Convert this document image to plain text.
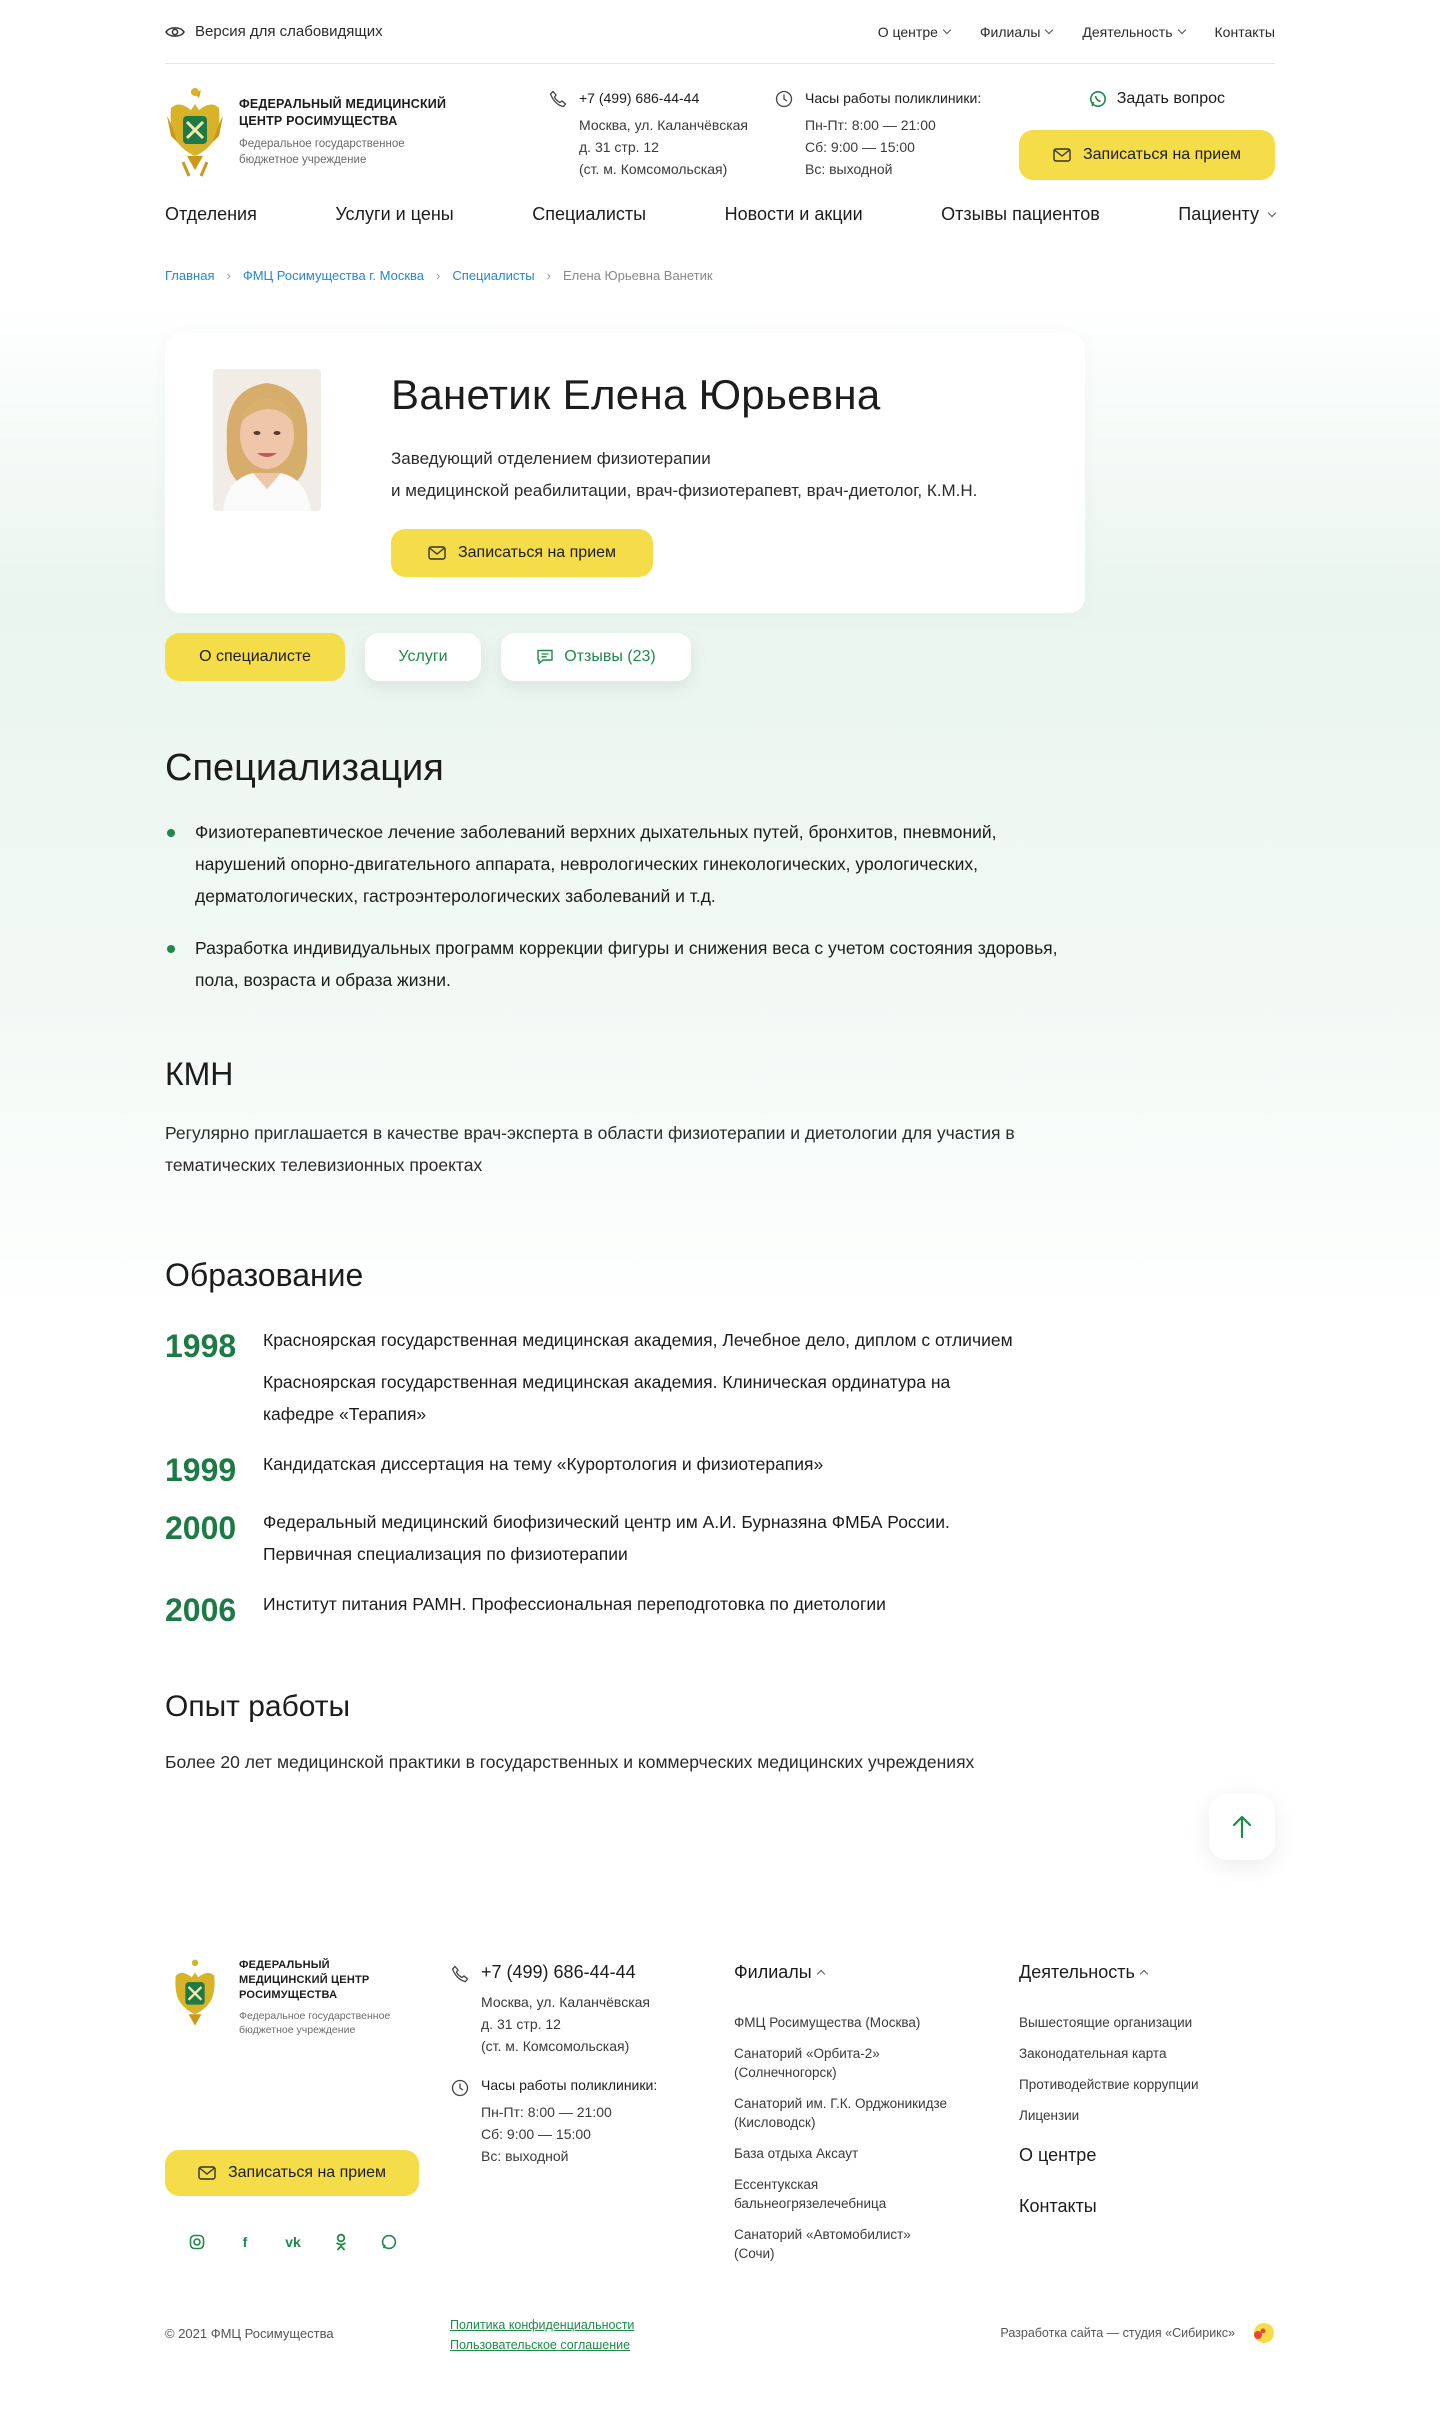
Версия для слабовидящих	О центре	Филиалы	Деятельность	Контакты
ФЕДЕРАЛЬНЫЙ МЕДИЦИНСКИЙ ЦЕНТР РОСИМУЩЕСТВА
Федеральное государственное бюджетное учреждение
+7 (499) 686-44-44
Москва, ул. Каланчёвская
д. 31 стр. 12
(ст. м. Комсомольская)
Часы работы поликлиники:
Пн-Пт: 8:00 — 21:00
Сб: 9:00 — 15:00
Вс: выходной
Задать вопрос
Записаться на прием
Отделения	Услуги и цены	Специалисты	Новости и акции	Отзывы пациентов	Пациенту
Главная › ФМЦ Росимущества г. Москва › Специалисты › Елена Юрьевна Ванетик
Ванетик Елена Юрьевна
Заведующий отделением физиотерапии
и медицинской реабилитации, врач-физиотерапевт, врач-диетолог, К.М.Н.
Записаться на прием
О специалисте	Услуги	Отзывы (23)
Специализация
Физиотерапевтическое лечение заболеваний верхних дыхательных путей, бронхитов, пневмоний, нарушений опорно-двигательного аппарата, неврологических гинекологических, урологических, дерматологических, гастроэнтерологических заболеваний и т.д.
Разработка индивидуальных программ коррекции фигуры и снижения веса с учетом состояния здоровья, пола, возраста и образа жизни.
КМН

Регулярно приглашается в качестве врач-эксперта в области физиотерапии и диетологии для участия в тематических телевизионных проектах

Образование
1998	Красноярская государственная медицинская академия, Лечебное дело, диплом с отличием
Красноярская государственная медицинская академия. Клиническая ординатура на кафедре «Терапия»
1999	Кандидатская диссертация на тему «Курортология и физиотерапия»
2000	Федеральный медицинский биофизический центр им А.И. Бурназяна ФМБА России. Первичная специализация по физиотерапии
2006	Институт питания РАМН. Профессиональная переподготовка по диетологии
Опыт работы

Более 20 лет медицинской практики в государственных и коммерческих медицинских учреждениях

ФЕДЕРАЛЬНЫЙ МЕДИЦИНСКИЙ ЦЕНТР РОСИМУЩЕСТВА
Федеральное государственное бюджетное учреждение
Записаться на прием
f	vk
+7 (499) 686-44-44
Москва, ул. Каланчёвская
д. 31 стр. 12
(ст. м. Комсомольская)
Часы работы поликлиники:
Пн-Пт: 8:00 — 21:00
Сб: 9:00 — 15:00
Вс: выходной
Филиалы
ФМЦ Росимущества (Москва)
Санаторий «Орбита-2» (Солнечногорск)
Санаторий им. Г.К. Орджоникидзе (Кисловодск)
База отдыха Аксаут
Ессентукская бальнеогрязелечебница
Санаторий «Автомобилист» (Сочи)
Деятельность
Вышестоящие организации
Законодательная карта
Противодействие коррупции
Лицензии
О центре
Контакты
© 2021 ФМЦ Росимущества
Политика конфиденциальности
Пользовательское соглашение
Разработка сайта — студия «Сибирикс»
